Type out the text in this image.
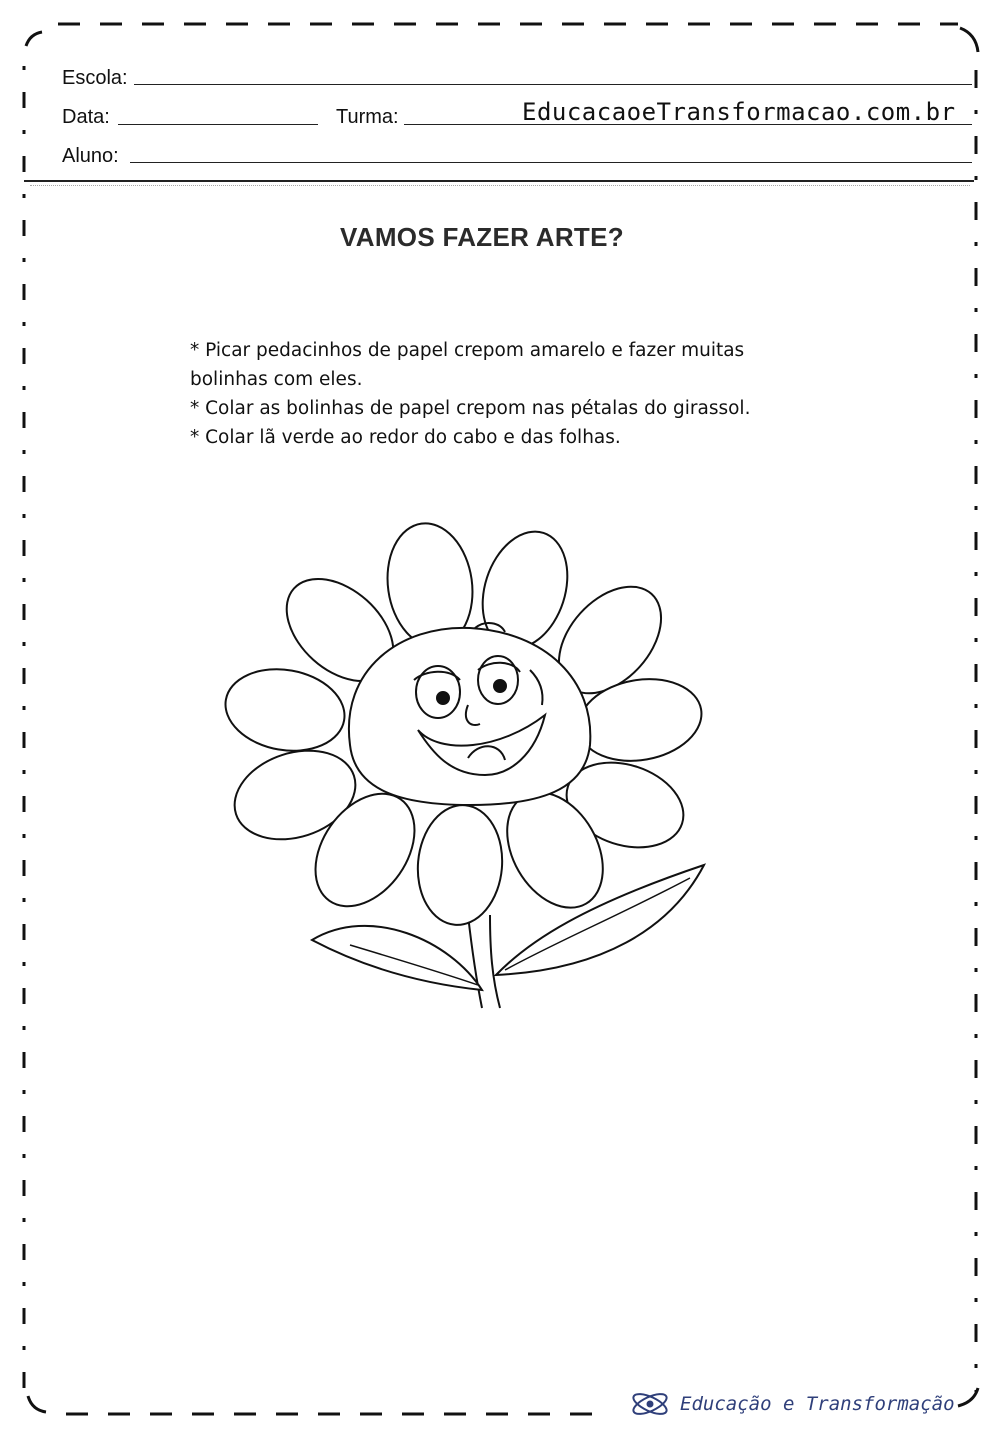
Escola:
Data:	Turma:	EducacaoeTransformacao.com.br
Aluno:
VAMOS FAZER ARTE?
* Picar pedacinhos de papel crepom amarelo e fazer muitas
bolinhas com eles.
* Colar as bolinhas de papel crepom nas pétalas do girassol.
* Colar lã verde ao redor do cabo e das folhas.
Educação e Transformação
